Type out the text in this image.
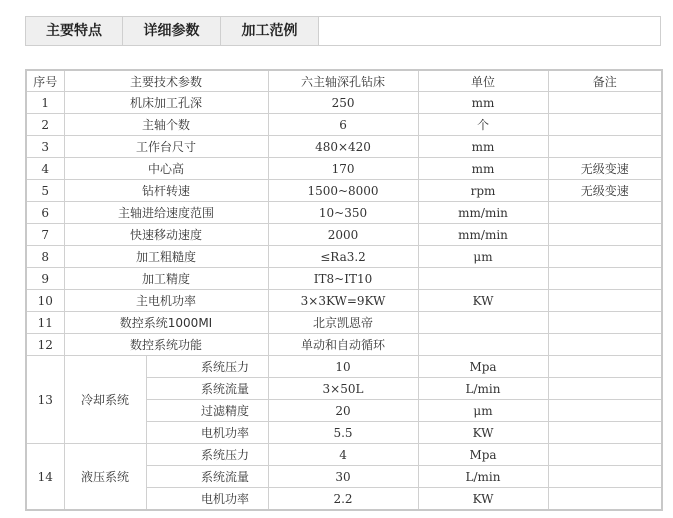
主要特点	详细参数	加工范例
序号	主要技术参数		六主轴深孔钻床	单位	备注
1	机床加工孔深		250	mm	
2	主轴个数		6	个	
3	工作台尺寸		480×420	mm	
4	中心高		170	mm	无级变速
5	钻杆转速		1500~8000	rpm	无级变速
6	主轴进给速度范围		10~350	mm/min	
7	快速移动速度		2000	mm/min	
8	加工粗糙度		≤Ra3.2	μm	
9	加工精度		IT8~IT10		
10	主电机功率		3×3KW=9KW	KW	
11	数控系统1000MI		北京凯恩帝		
12	数控系统功能		单动和自动循环		
13	冷却系统	系统压力	10	Mpa	
		系统流量	3×50L	L/min	
		过滤精度	20	μm	
		电机功率	5.5	KW	
14	液压系统	系统压力	4	Mpa	
		系统流量	30	L/min	
		电机功率	2.2	KW	
